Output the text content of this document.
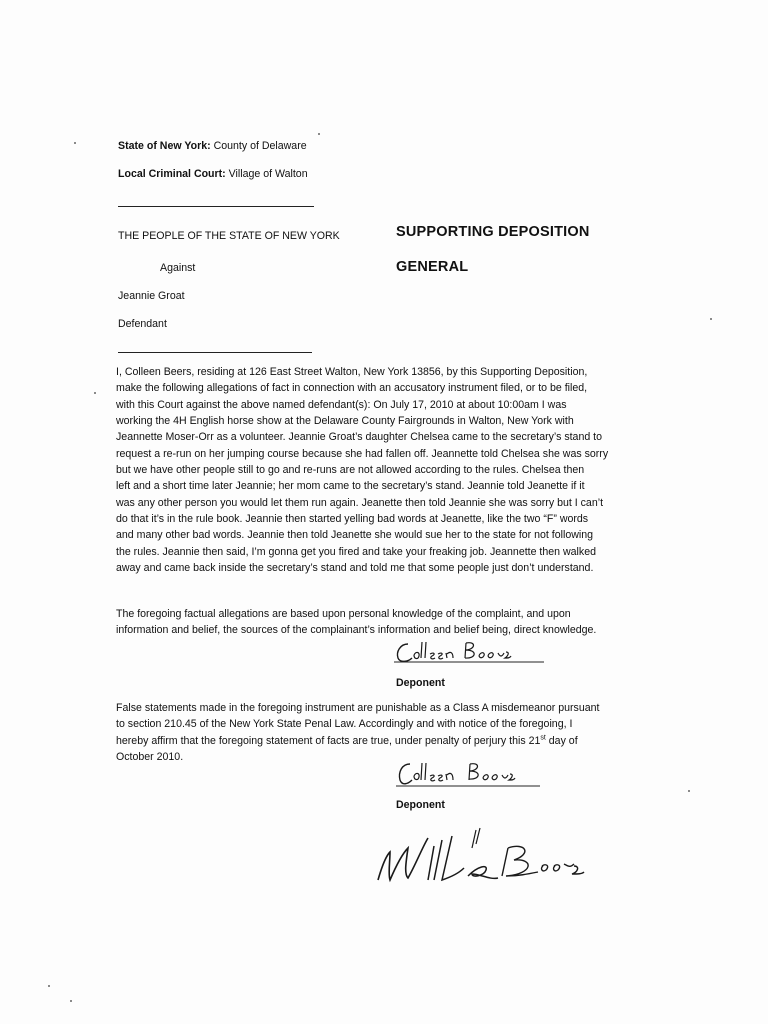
State of New York: County of Delaware
Local Criminal Court: Village of Walton
THE PEOPLE OF THE STATE OF NEW YORK
Against
Jeannie Groat
Defendant
SUPPORTING DEPOSITION
GENERAL
I, Colleen Beers, residing at 126 East Street Walton, New York 13856, by this Supporting Deposition,
make the following allegations of fact in connection with an accusatory instrument filed, or to be filed,
with this Court against the above named defendant(s): On July 17, 2010 at about 10:00am I was
working the 4H English horse show at the Delaware County Fairgrounds in Walton, New York with
Jeannette Moser-Orr as a volunteer. Jeannie Groat’s daughter Chelsea came to the secretary’s stand to
request a re-run on her jumping course because she had fallen off. Jeannette told Chelsea she was sorry
but we have other people still to go and re-runs are not allowed according to the rules. Chelsea then
left and a short time later Jeannie; her mom came to the secretary’s stand. Jeannie told Jeanette if it
was any other person you would let them run again. Jeanette then told Jeannie she was sorry but I can’t
do that it’s in the rule book. Jeannie then started yelling bad words at Jeanette, like the two “F” words
and many other bad words. Jeannie then told Jeanette she would sue her to the state for not following
the rules. Jeannie then said, I’m gonna get you fired and take your freaking job. Jeannette then walked
away and came back inside the secretary’s stand and told me that some people just don’t understand.
The foregoing factual allegations are based upon personal knowledge of the complaint, and upon
information and belief, the sources of the complainant’s information and belief being, direct knowledge.
Deponent
False statements made in the foregoing instrument are punishable as a Class A misdemeanor pursuant
to section 210.45 of the New York State Penal Law. Accordingly and with notice of the foregoing, I
hereby affirm that the foregoing statement of facts are true, under penalty of perjury this 21st day of
October 2010.
Deponent
